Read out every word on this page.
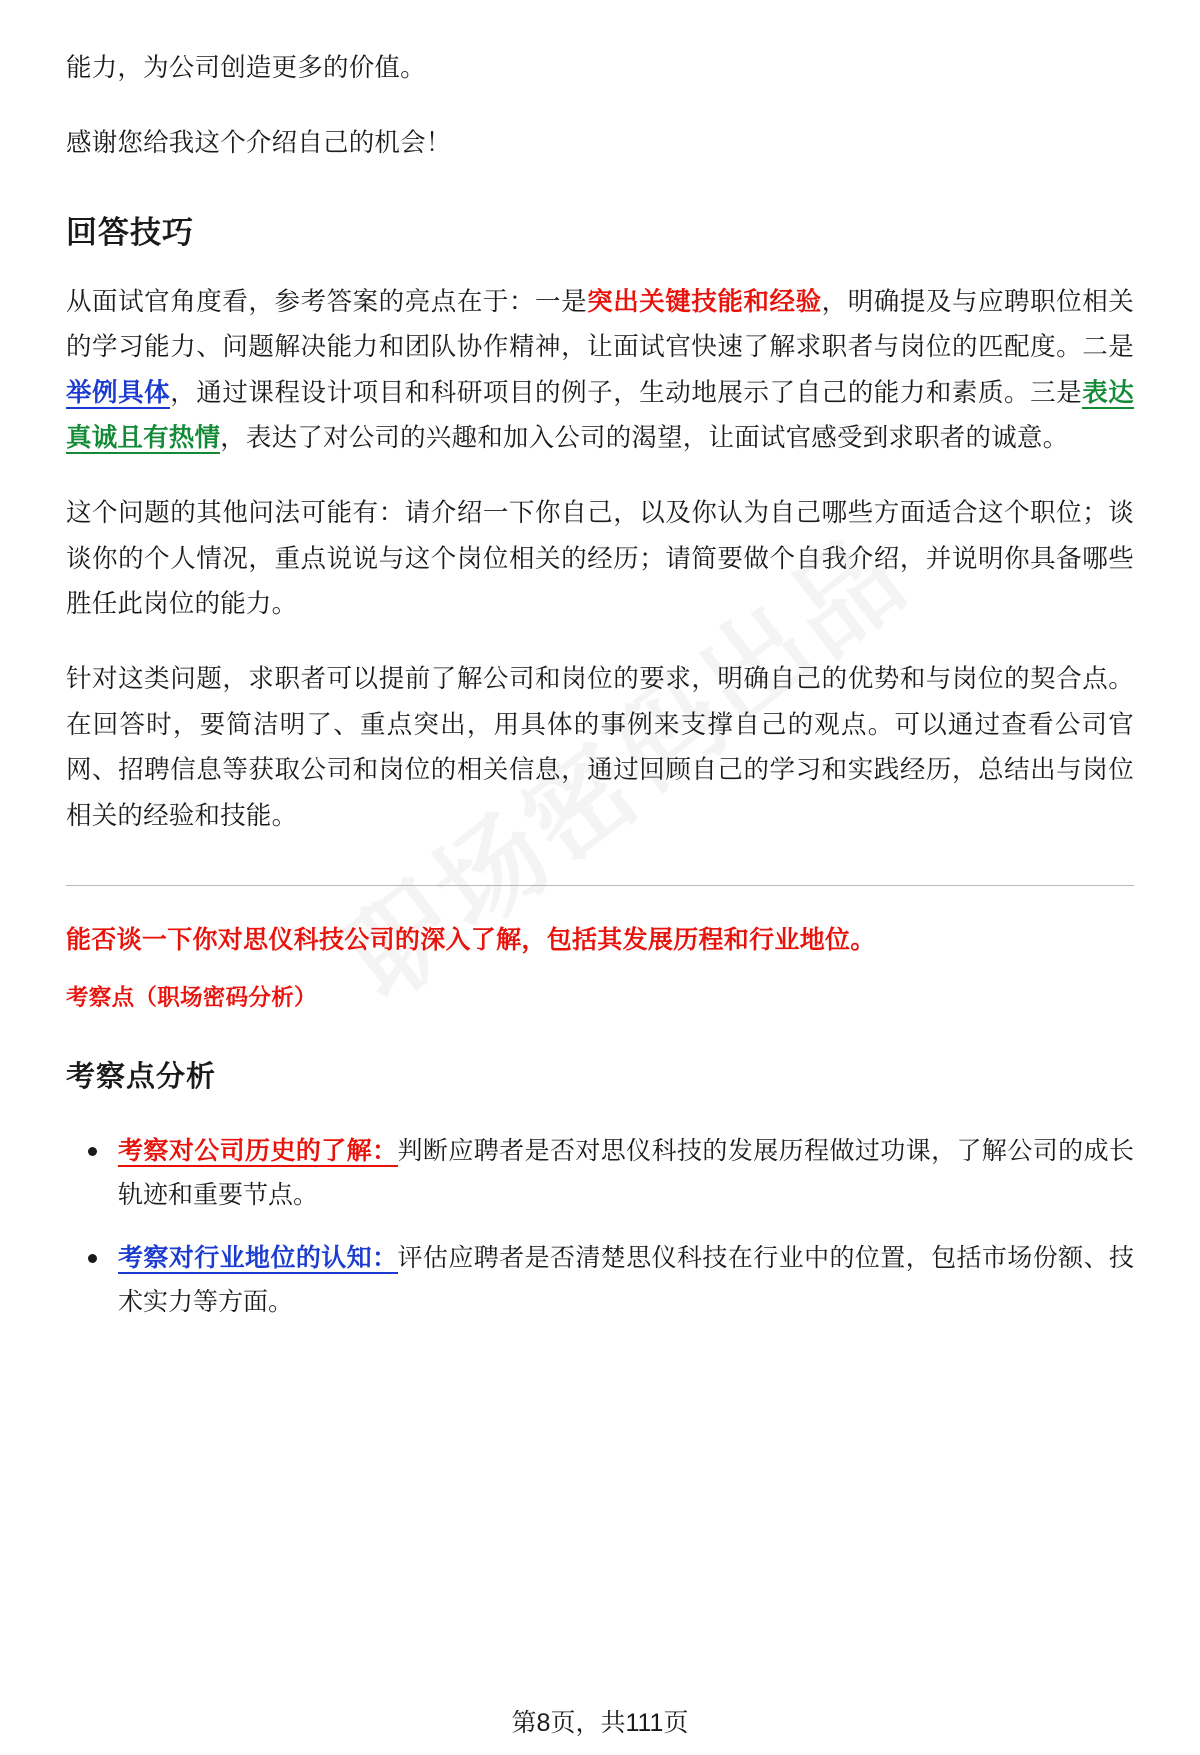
能力，为公司创造更多的价值。

感谢您给我这个介绍自己的机会！

回答技巧

从面试官角度看，参考答案的亮点在于：一是突出关键技能和经验，明确提及与应聘职位相关的学习能力、问题解决能力和团队协作精神，让面试官快速了解求职者与岗位的匹配度。二是举例具体，通过课程设计项目和科研项目的例子，生动地展示了自己的能力和素质。三是表达真诚且有热情，表达了对公司的兴趣和加入公司的渴望，让面试官感受到求职者的诚意。

这个问题的其他问法可能有：请介绍一下你自己，以及你认为自己哪些方面适合这个职位；谈谈你的个人情况，重点说说与这个岗位相关的经历；请简要做个自我介绍，并说明你具备哪些胜任此岗位的能力。

针对这类问题，求职者可以提前了解公司和岗位的要求，明确自己的优势和与岗位的契合点。在回答时，要简洁明了、重点突出，用具体的事例来支撑自己的观点。可以通过查看公司官网、招聘信息等获取公司和岗位的相关信息，通过回顾自己的学习和实践经历，总结出与岗位相关的经验和技能。

能否谈一下你对思仪科技公司的深入了解，包括其发展历程和行业地位。

考察点（职场密码分析）

考察点分析
考察对公司历史的了解：判断应聘者是否对思仪科技的发展历程做过功课，了解公司的成长轨迹和重要节点。
考察对行业地位的认知：评估应聘者是否清楚思仪科技在行业中的位置，包括市场份额、技术实力等方面。
第8页，共111页
